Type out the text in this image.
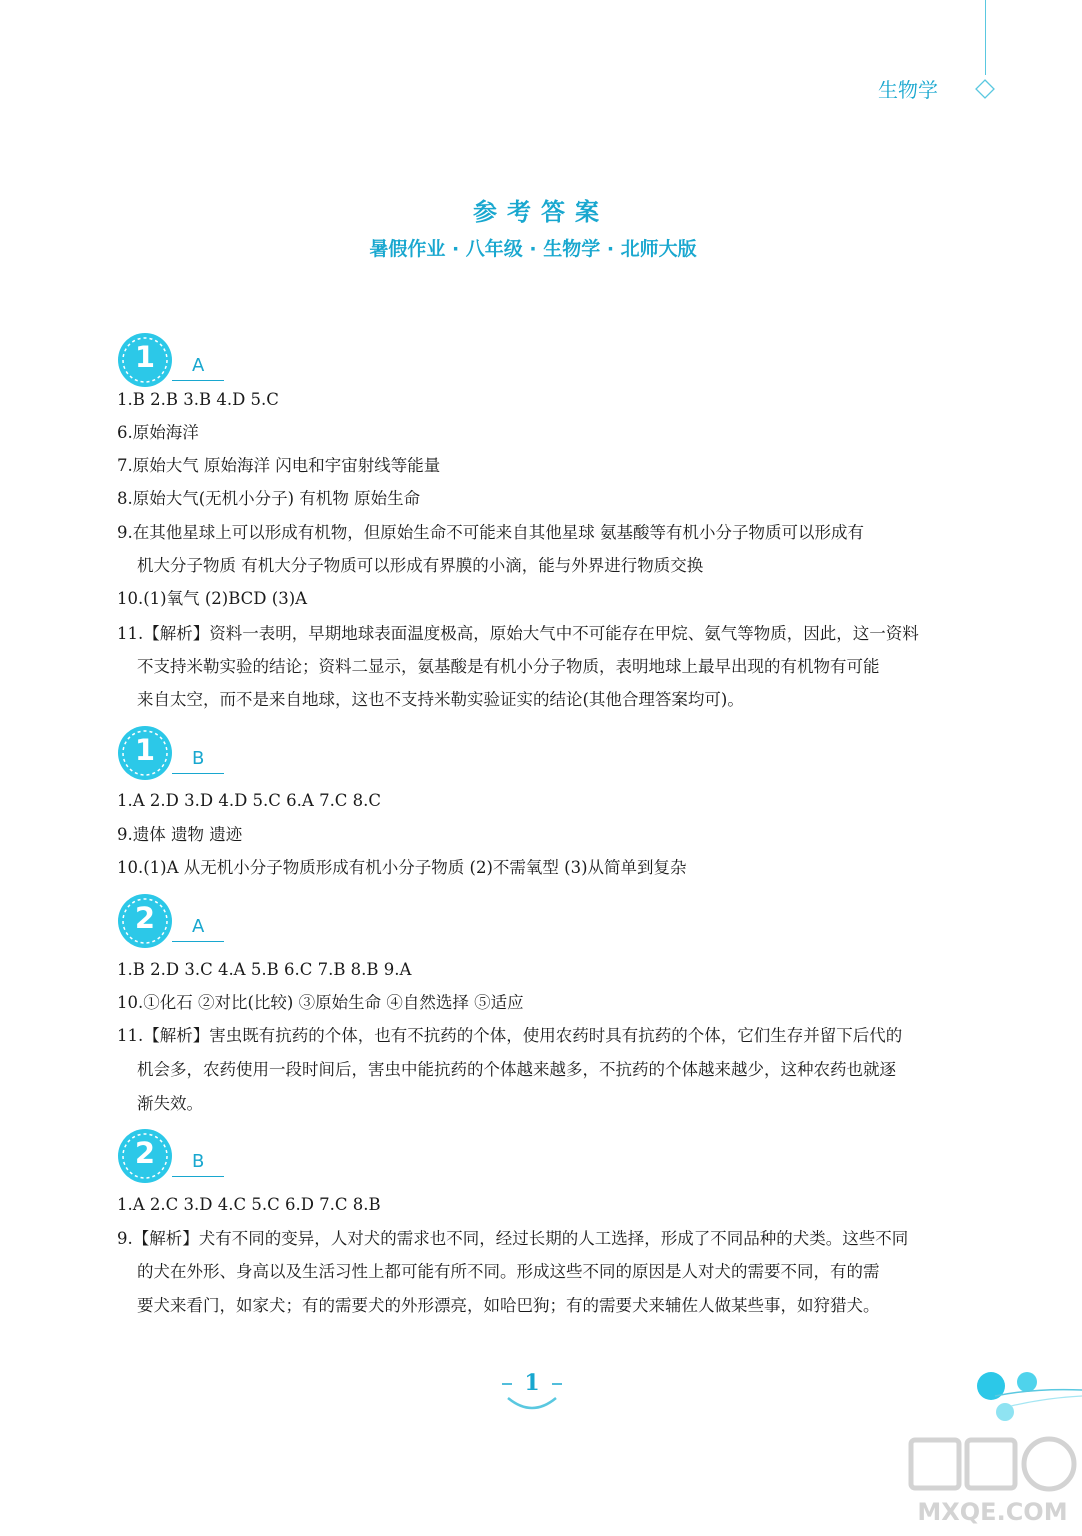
生物学
参考答案
暑假作业 · 八年级 · 生物学 · 北师大版
1	A
1.B 2.B 3.B 4.D 5.C
6.原始海洋
7.原始大气 原始海洋 闪电和宇宙射线等能量
8.原始大气(无机小分子) 有机物 原始生命
9.在其他星球上可以形成有机物，但原始生命不可能来自其他星球 氨基酸等有机小分子物质可以形成有
机大分子物质 有机大分子物质可以形成有界膜的小滴，能与外界进行物质交换
10.(1)氧气 (2)BCD (3)A
11.【解析】资料一表明，早期地球表面温度极高，原始大气中不可能存在甲烷、氨气等物质，因此，这一资料
不支持米勒实验的结论；资料二显示，氨基酸是有机小分子物质，表明地球上最早出现的有机物有可能
来自太空，而不是来自地球，这也不支持米勒实验证实的结论(其他合理答案均可)。
1	B
1.A 2.D 3.D 4.D 5.C 6.A 7.C 8.C
9.遗体 遗物 遗迹
10.(1)A 从无机小分子物质形成有机小分子物质 (2)不需氧型 (3)从简单到复杂
2	A
1.B 2.D 3.C 4.A 5.B 6.C 7.B 8.B 9.A
10.①化石 ②对比(比较) ③原始生命 ④自然选择 ⑤适应
11.【解析】害虫既有抗药的个体，也有不抗药的个体，使用农药时具有抗药的个体，它们生存并留下后代的
机会多，农药使用一段时间后，害虫中能抗药的个体越来越多，不抗药的个体越来越少，这种农药也就逐
渐失效。
2	B
1.A 2.C 3.D 4.C 5.C 6.D 7.C 8.B
9.【解析】犬有不同的变异，人对犬的需求也不同，经过长期的人工选择，形成了不同品种的犬类。这些不同
的犬在外形、身高以及生活习性上都可能有所不同。形成这些不同的原因是人对犬的需要不同，有的需
要犬来看门，如家犬；有的需要犬的外形漂亮，如哈巴狗；有的需要犬来辅佐人做某些事，如狩猎犬。
1
MXQE.COM
